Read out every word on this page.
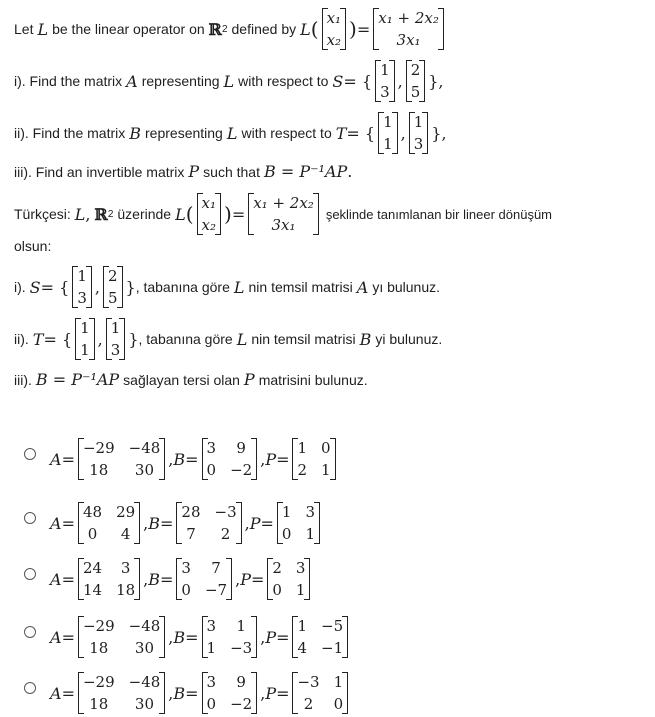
Let L be the linear operator on ℝ 2 defined by L ( x₁
x₂ ) =
x₁ + 2x₂
3x₁
i). Find the matrix A representing L with respect to S = {
1
3
,
2
5
},
ii). Find the matrix B representing L with respect to T = {
1
1
,
1
3
},
iii). Find an invertible matrix P such that B = P⁻¹AP .
Türkçesi: L , ℝ 2 üzerinde L ( x₁
x₂ ) =
x₁ + 2x₂
3x₁
şeklinde tanımlanan bir lineer dönüşüm
olsun:
i). S = {
1
3
,
2
5
} , tabanına göre L nin temsil matrisi A yı bulunuz.
ii). T = {
1
1
,
1
3
} , tabanına göre L nin temsil matrisi B yi bulunuz.
iii). B = P⁻¹AP sağlayan tersi olan P matrisini bulunuz.
A =
−29 −48
18	30
, B =
3	9
0 −2
, P =
1 0
2 1
A =
48 29
0	4
, B =
28 −3
7	2
, P =
1 3
0 1
A =
24	3
14 18
, B =
3	7
0 −7
, P =
2 3
0 1
A =
−29 −48
18	30
, B =
3	1
1 −3
, P =
1 −5
4 −1
A =
−29 −48
18	30
, B =
3	9
0 −2
, P =
−3 1
2	0
